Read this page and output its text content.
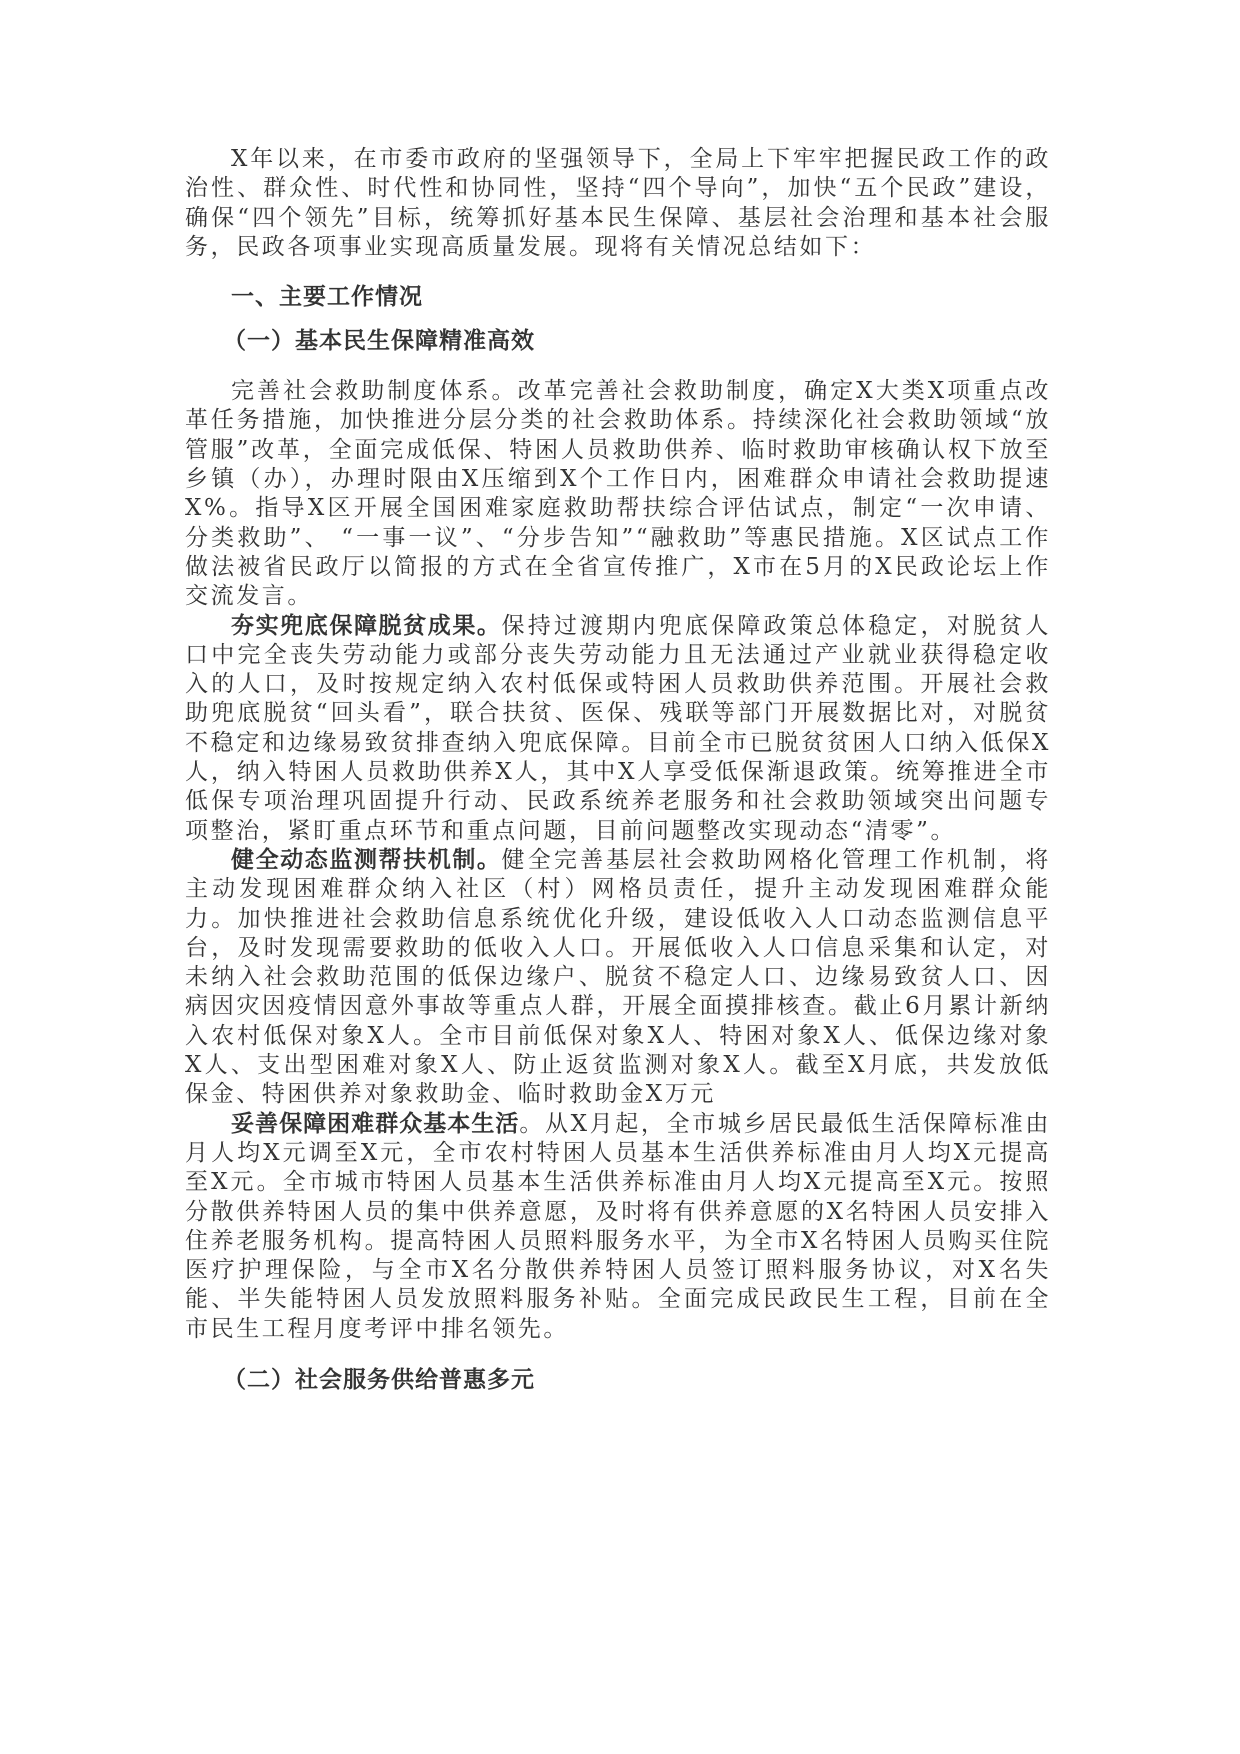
X年以来，在市委市政府的坚强领导下，全局上下牢牢把握民政工作的政治性、群众性、时代性和协同性，坚持“四个导向”，加快“五个民政”建设，确保“四个领先”目标，统筹抓好基本民生保障、基层社会治理和基本社会服务，民政各项事业实现高质量发展。现将有关情况总结如下：

一、主要工作情况
（一）基本民生保障精准高效

完善社会救助制度体系。改革完善社会救助制度，确定X大类X项重点改革任务措施，加快推进分层分类的社会救助体系。持续深化社会救助领域“放管服”改革，全面完成低保、特困人员救助供养、临时救助审核确认权下放至乡镇（办），办理时限由X压缩到X个工作日内，困难群众申请社会救助提速X%。指导X区开展全国困难家庭救助帮扶综合评估试点，制定“一次申请、分类救助”、 “一事一议”、“分步告知”“融救助”等惠民措施。X区试点工作做法被省民政厅以简报的方式在全省宣传推广，X市在5月的X民政论坛上作交流发言。

夯实兜底保障脱贫成果。保持过渡期内兜底保障政策总体稳定，对脱贫人口中完全丧失劳动能力或部分丧失劳动能力且无法通过产业就业获得稳定收入的人口，及时按规定纳入农村低保或特困人员救助供养范围。开展社会救助兜底脱贫“回头看”，联合扶贫、医保、残联等部门开展数据比对，对脱贫不稳定和边缘易致贫排查纳入兜底保障。目前全市已脱贫贫困人口纳入低保X人，纳入特困人员救助供养X人，其中X人享受低保渐退政策。统筹推进全市低保专项治理巩固提升行动、民政系统养老服务和社会救助领域突出问题专项整治，紧盯重点环节和重点问题，目前问题整改实现动态“清零”。

健全动态监测帮扶机制。健全完善基层社会救助网格化管理工作机制，将主动发现困难群众纳入社区（村）网格员责任，提升主动发现困难群众能力。加快推进社会救助信息系统优化升级，建设低收入人口动态监测信息平台，及时发现需要救助的低收入人口。开展低收入人口信息采集和认定，对未纳入社会救助范围的低保边缘户、脱贫不稳定人口、边缘易致贫人口、因病因灾因疫情因意外事故等重点人群，开展全面摸排核查。截止6月累计新纳入农村低保对象X人。全市目前低保对象X人、特困对象X人、低保边缘对象X人、支出型困难对象X人、防止返贫监测对象X人。截至X月底，共发放低保金、特困供养对象救助金、临时救助金X万元

妥善保障困难群众基本生活。从X月起，全市城乡居民最低生活保障标准由月人均X元调至X元，全市农村特困人员基本生活供养标准由月人均X元提高至X元。全市城市特困人员基本生活供养标准由月人均X元提高至X元。按照分散供养特困人员的集中供养意愿，及时将有供养意愿的X名特困人员安排入住养老服务机构。提高特困人员照料服务水平，为全市X名特困人员购买住院医疗护理保险，与全市X名分散供养特困人员签订照料服务协议，对X名失能、半失能特困人员发放照料服务补贴。全面完成民政民生工程，目前在全市民生工程月度考评中排名领先。

（二）社会服务供给普惠多元
